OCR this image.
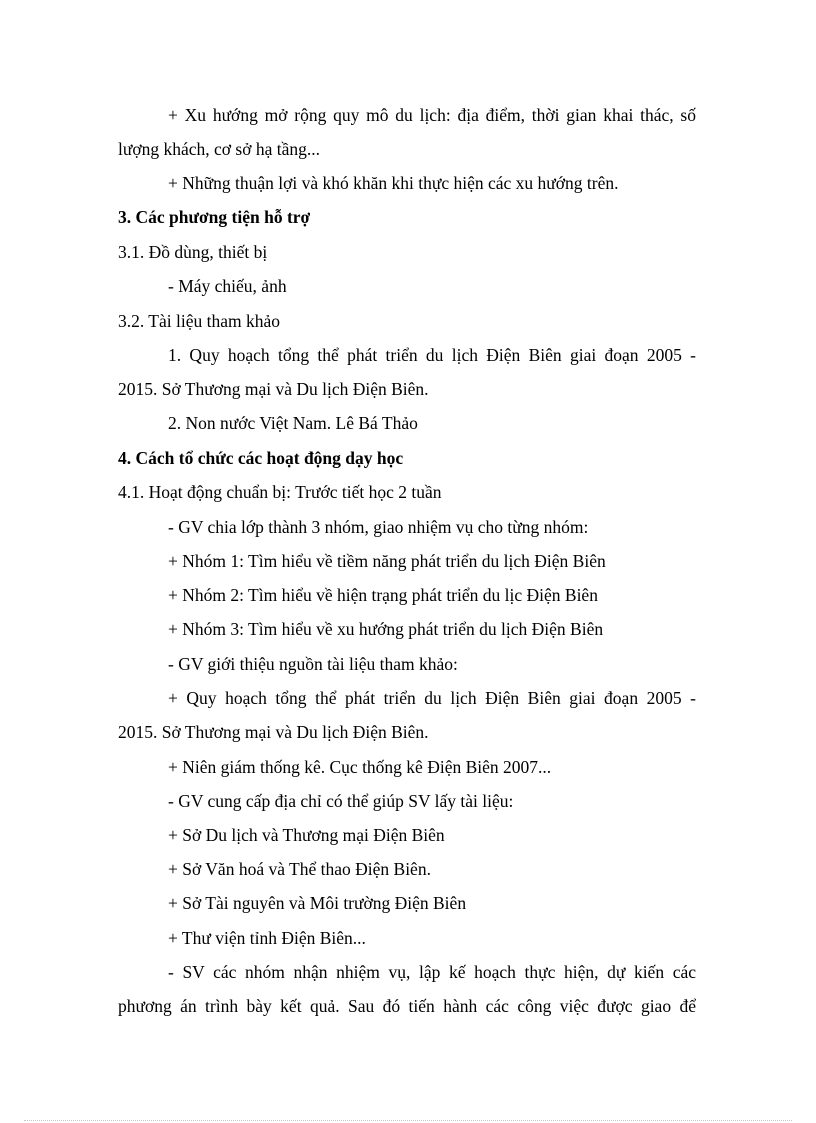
+ Xu hướng mở rộng quy mô du lịch: địa điểm, thời gian khai thác, số
lượng khách, cơ sở hạ tầng...
+ Những thuận lợi và khó khăn khi thực hiện các xu hướng trên.
3. Các phương tiện hỗ trợ
3.1. Đồ dùng, thiết bị
- Máy chiếu, ảnh
3.2. Tài liệu tham khảo
1. Quy hoạch tổng thể phát triển du lịch Điện Biên giai đoạn 2005 -
2015. Sở Thương mại và Du lịch Điện Biên.
2. Non nước Việt Nam. Lê Bá Thảo
4. Cách tổ chức các hoạt động dạy học
4.1. Hoạt động chuẩn bị: Trước tiết học 2 tuần
- GV chia lớp thành 3 nhóm, giao nhiệm vụ cho từng nhóm:
+ Nhóm 1: Tìm hiểu về tiềm năng phát triển du lịch Điện Biên
+ Nhóm 2: Tìm hiểu về hiện trạng phát triển du lịc Điện Biên
+ Nhóm 3: Tìm hiểu về xu hướng phát triển du lịch Điện Biên
- GV giới thiệu nguồn tài liệu tham khảo:
+ Quy hoạch tổng thể phát triển du lịch Điện Biên giai đoạn 2005 -
2015. Sở Thương mại và Du lịch Điện Biên.
+ Niên giám thống kê. Cục thống kê Điện Biên 2007...
- GV cung cấp địa chỉ có thể giúp SV lấy tài liệu:
+ Sở Du lịch và Thương mại Điện Biên
+ Sở Văn hoá và Thể thao Điện Biên.
+ Sở Tài nguyên và Môi trường Điện Biên
+ Thư viện tỉnh Điện Biên...
- SV các nhóm nhận nhiệm vụ, lập kế hoạch thực hiện, dự kiến các
phương án trình bày kết quả. Sau đó tiến hành các công việc được giao để
